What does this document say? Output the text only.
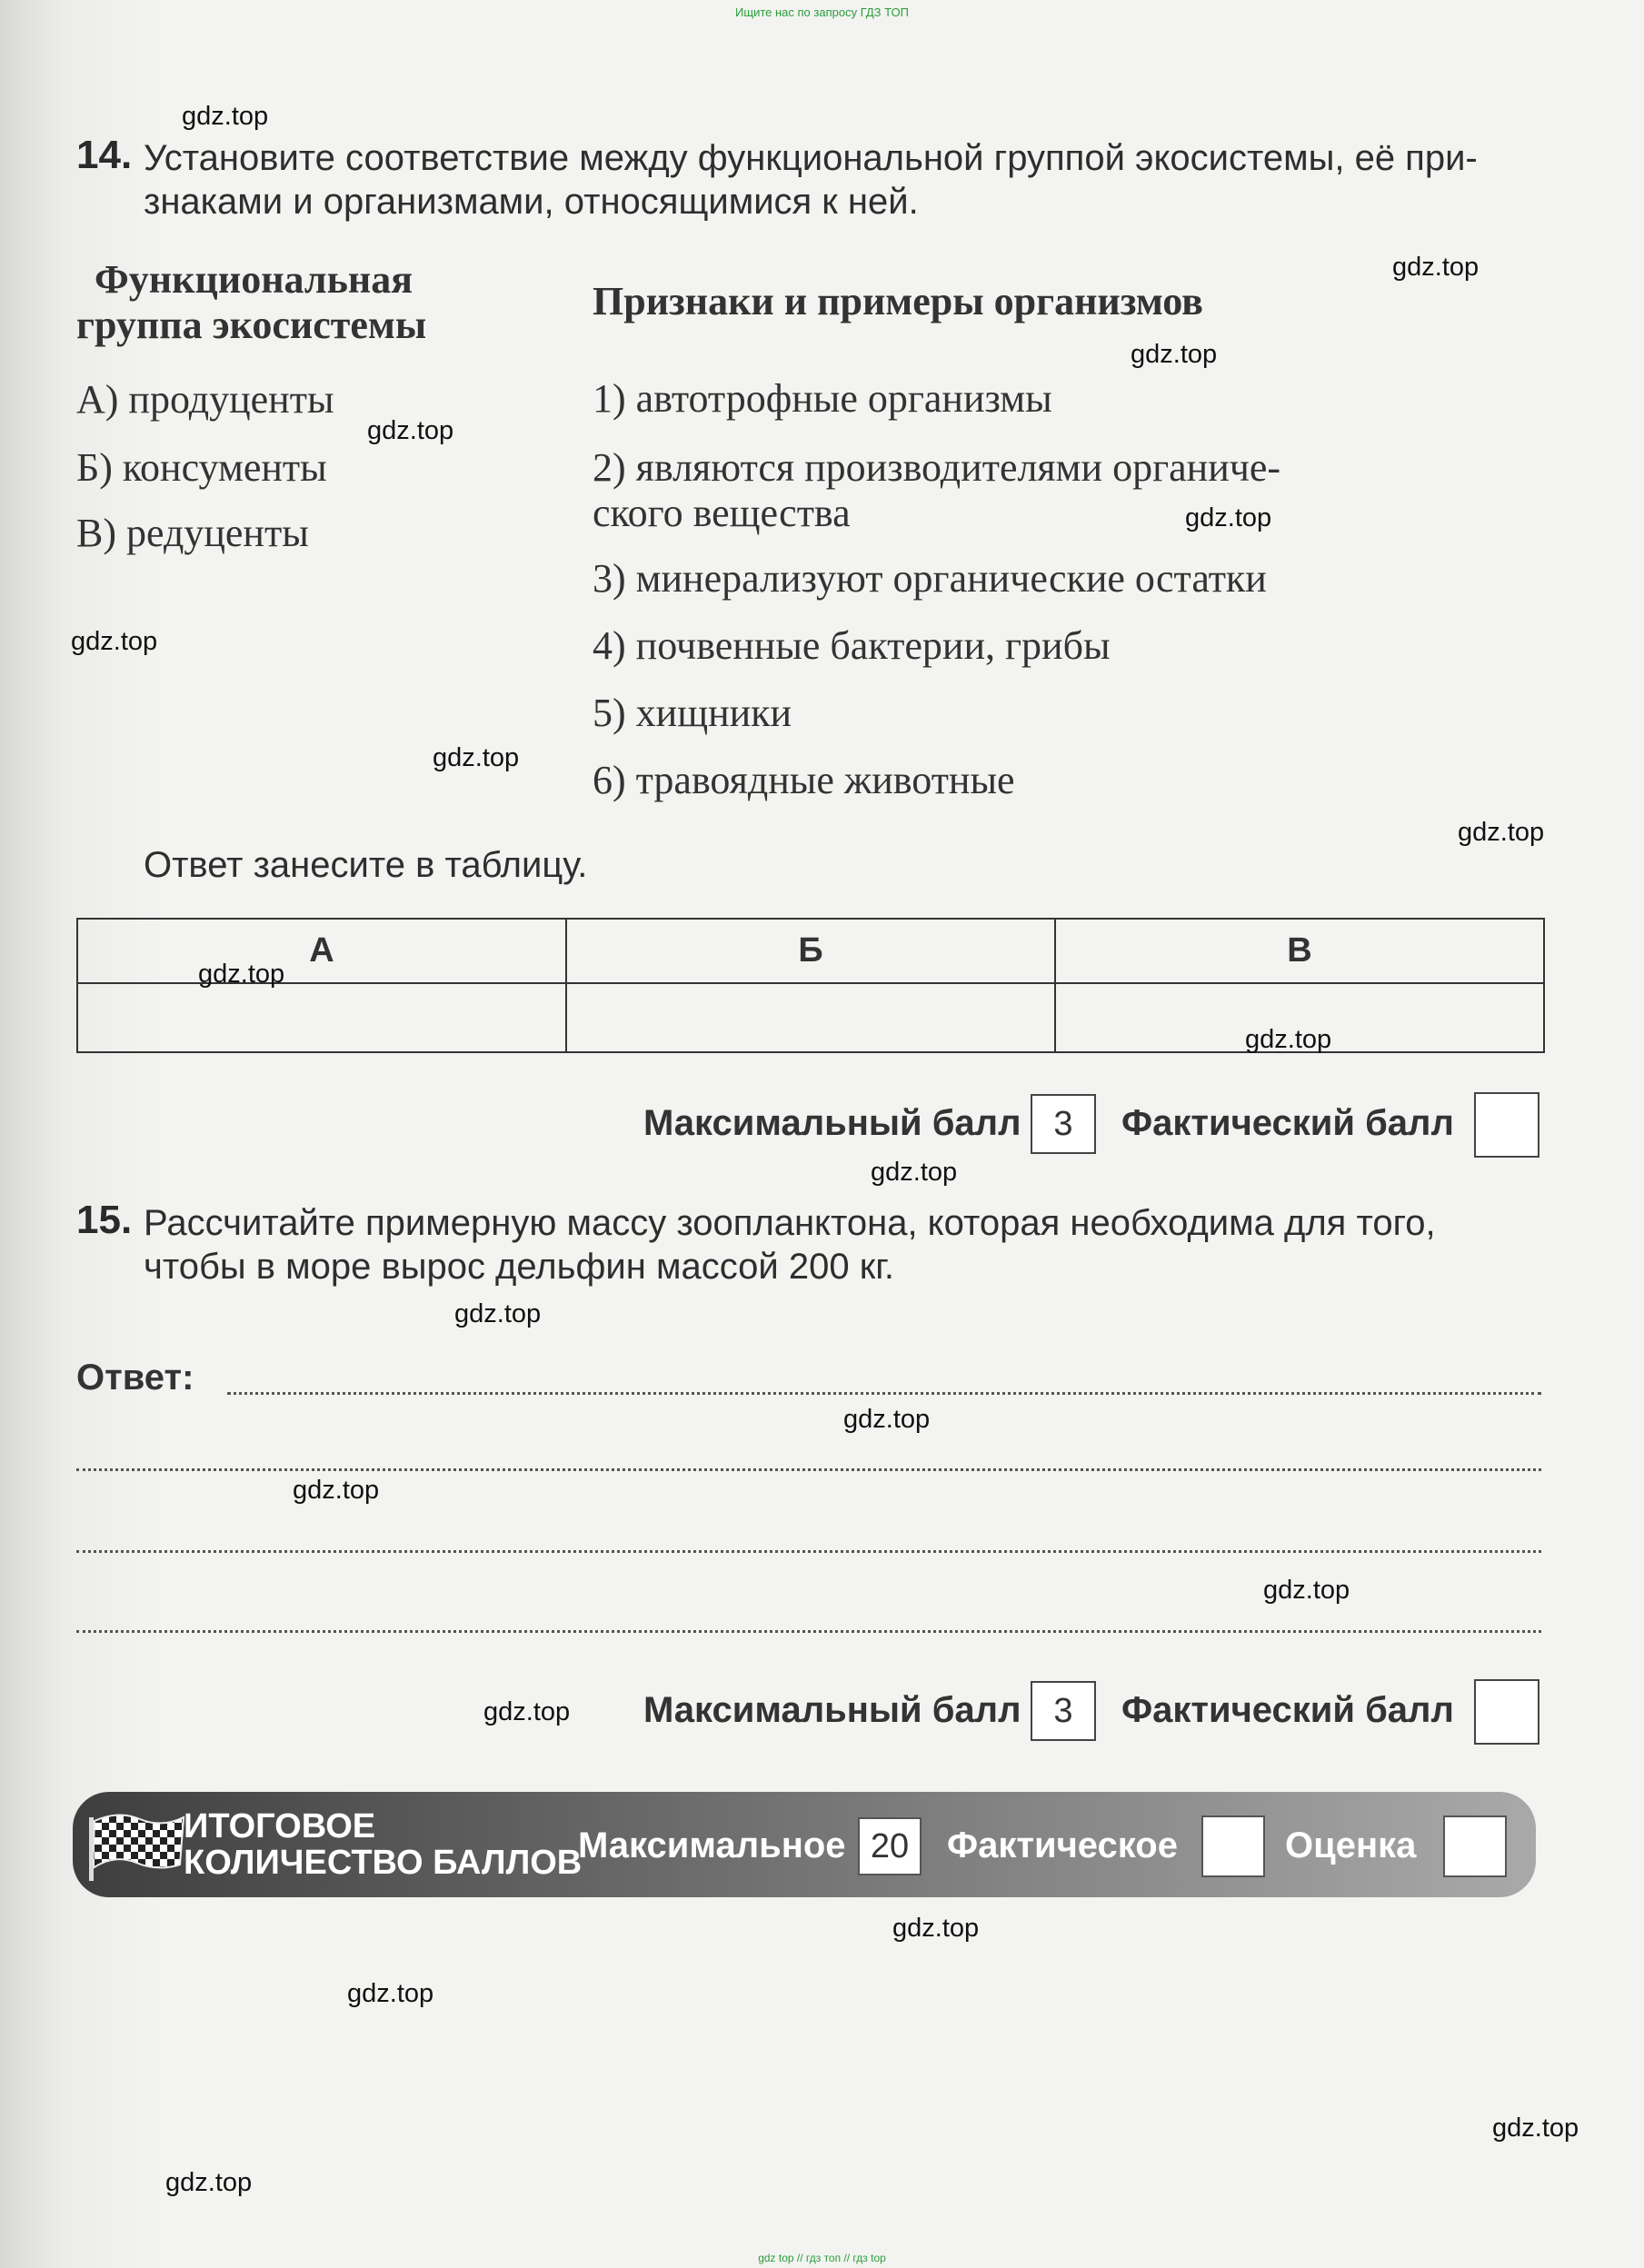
Ищите нас по запросу ГДЗ ТОП
14. Установите соответствие между функциональной группой экосистемы, её при-
знаками и организмами, относящимися к ней.
Функциональная
группа экосистемы
Признаки и примеры организмов
А) продуценты
Б) консументы
В) редуценты
1) автотрофные организмы
2) являются производителями органиче-
ского вещества
3) минерализуют органические остатки
4) почвенные бактерии, грибы
5) хищники
6) травоядные животные
Ответ занесите в таблицу.
А	Б	В

Максимальный балл 3	Фактический балл
15. Рассчитайте примерную массу зоопланктона, которая необходима для того,
чтобы в море вырос дельфин массой 200 кг.
Ответ:
Максимальный балл 3	Фактический балл
ИТОГОВОЕ
КОЛИЧЕСТВО БАЛЛОВ
Максимальное 20	Фактическое	Оценка
gdz.top
gdz.top
gdz.top
gdz.top
gdz.top
gdz.top
gdz.top
gdz.top
gdz.top
gdz.top
gdz.top
gdz.top
gdz.top
gdz.top
gdz.top
gdz.top
gdz.top
gdz.top
gdz.top
gdz.top
gdz top // гдз топ // гдз top
